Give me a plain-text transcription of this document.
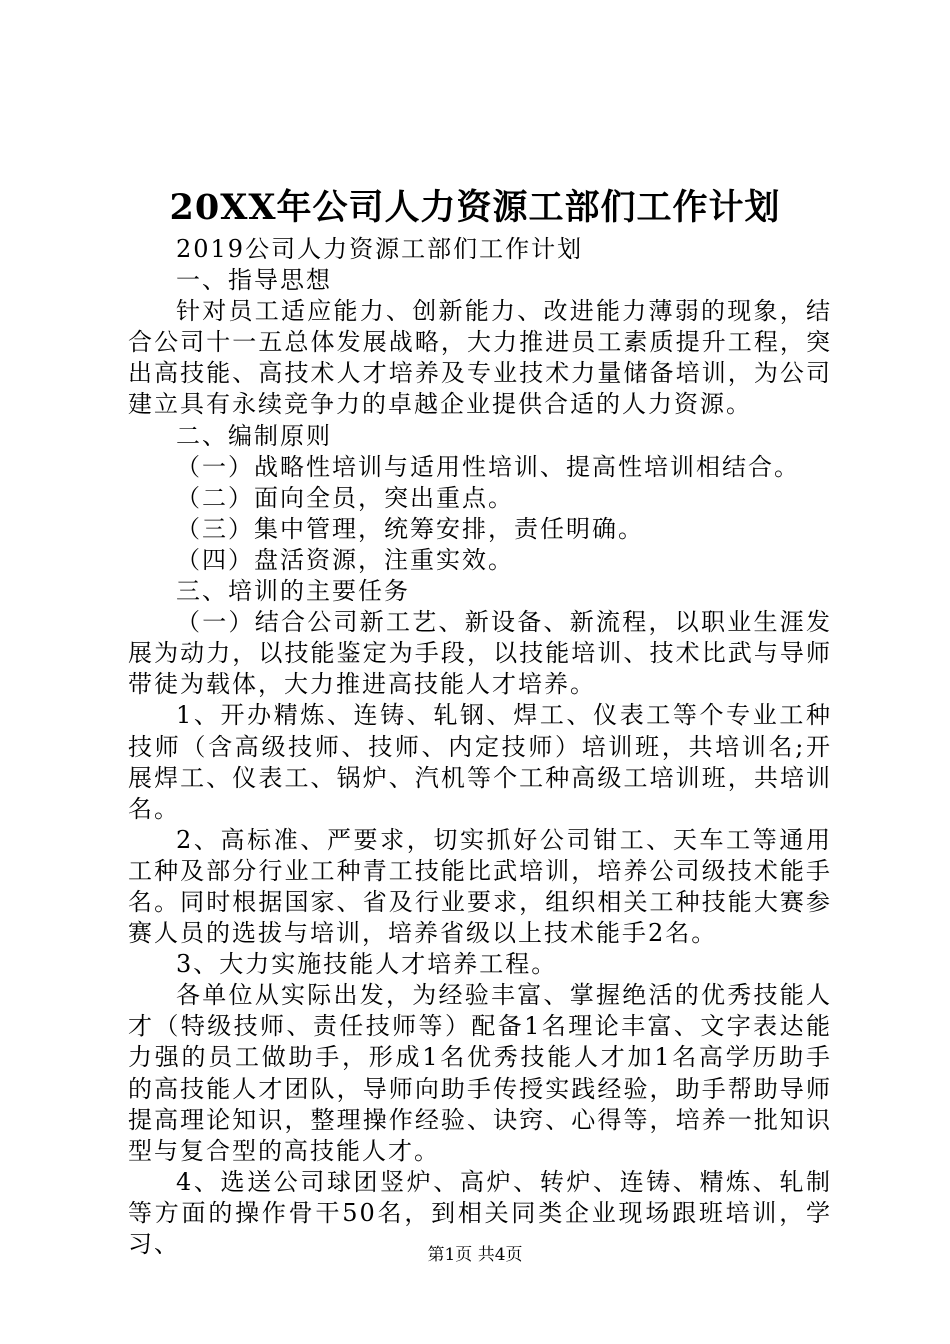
20XX年公司人力资源工部们工作计划

2019公司人力资源工部们工作计划

一、指导思想

针对员工适应能力、创新能力、改进能力薄弱的现象，结合公司十一五总体发展战略，大力推进员工素质提升工程，突出高技能、高技术人才培养及专业技术力量储备培训，为公司建立具有永续竞争力的卓越企业提供合适的人力资源。

二、编制原则

（一）战略性培训与适用性培训、提高性培训相结合。

（二）面向全员，突出重点。

（三）集中管理，统筹安排，责任明确。

（四）盘活资源，注重实效。

三、培训的主要任务

（一）结合公司新工艺、新设备、新流程，以职业生涯发展为动力，以技能鉴定为手段，以技能培训、技术比武与导师带徒为载体，大力推进高技能人才培养。

1、开办精炼、连铸、轧钢、焊工、仪表工等个专业工种技师（含高级技师、技师、内定技师）培训班，共培训名;开展焊工、仪表工、锅炉、汽机等个工种高级工培训班，共培训名。

2、高标准、严要求，切实抓好公司钳工、天车工等通用工种及部分行业工种青工技能比武培训，培养公司级技术能手名。同时根据国家、省及行业要求，组织相关工种技能大赛参赛人员的选拔与培训，培养省级以上技术能手2名。

3、大力实施技能人才培养工程。

各单位从实际出发，为经验丰富、掌握绝活的优秀技能人才（特级技师、责任技师等）配备1名理论丰富、文字表达能力强的员工做助手，形成1名优秀技能人才加1名高学历助手的高技能人才团队，导师向助手传授实践经验，助手帮助导师提高理论知识，整理操作经验、诀窍、心得等，培养一批知识型与复合型的高技能人才。

4、选送公司球团竖炉、高炉、转炉、连铸、精炼、轧制等方面的操作骨干50名，到相关同类企业现场跟班培训，学习、	第1页 共4页
